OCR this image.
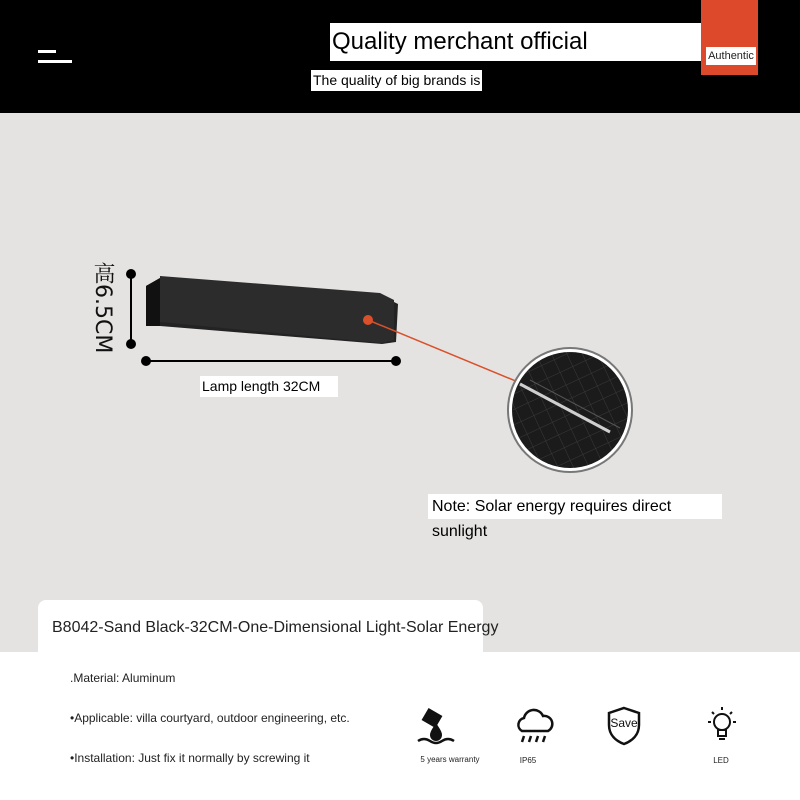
Quality merchant official
The quality of big brands is
Authentic
高6.5CM
Lamp length 32CM
Note: Solar energy requires direct sunlight
B8042-Sand Black-32CM-One-Dimensional Light-Solar Energy
.Material: Aluminum
•Applicable: villa courtyard, outdoor engineering, etc.
•Installation: Just fix it normally by screwing it	5 years warranty	IP65
Save
LED
